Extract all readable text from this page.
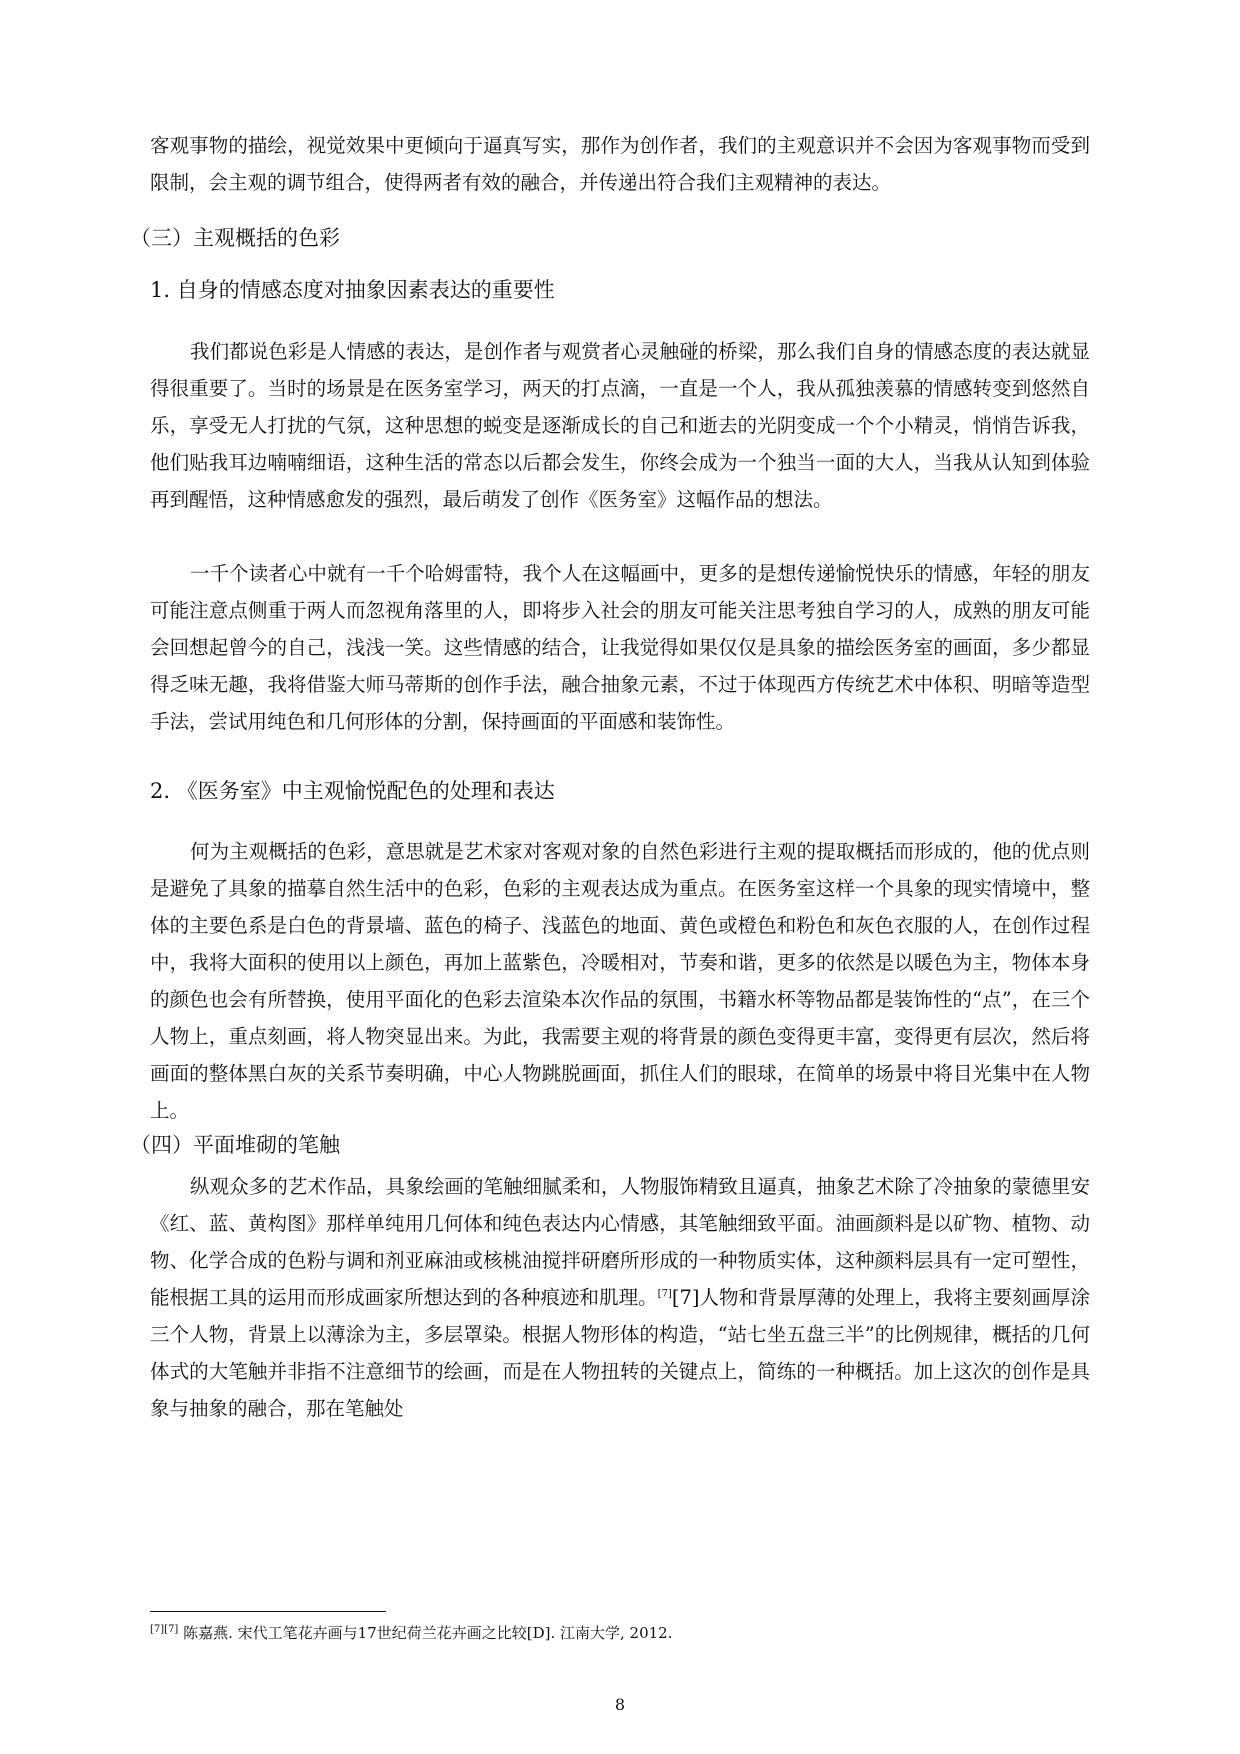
客观事物的描绘，视觉效果中更倾向于逼真写实，那作为创作者，我们的主观意识并不会因为客观事物而受到限制，会主观的调节组合，使得两者有效的融合，并传递出符合我们主观精神的表达。
（三）主观概括的色彩
1. 自身的情感态度对抽象因素表达的重要性
我们都说色彩是人情感的表达，是创作者与观赏者心灵触碰的桥梁，那么我们自身的情感态度的表达就显得很重要了。当时的场景是在医务室学习，两天的打点滴，一直是一个人，我从孤独羡慕的情感转变到悠然自乐，享受无人打扰的气氛，这种思想的蜕变是逐渐成长的自己和逝去的光阴变成一个个小精灵，悄悄告诉我，他们贴我耳边喃喃细语，这种生活的常态以后都会发生，你终会成为一个独当一面的大人，当我从认知到体验再到醒悟，这种情感愈发的强烈，最后萌发了创作《医务室》这幅作品的想法。
一千个读者心中就有一千个哈姆雷特，我个人在这幅画中，更多的是想传递愉悦快乐的情感，年轻的朋友可能注意点侧重于两人而忽视角落里的人，即将步入社会的朋友可能关注思考独自学习的人，成熟的朋友可能会回想起曾今的自己，浅浅一笑。这些情感的结合，让我觉得如果仅仅是具象的描绘医务室的画面，多少都显得乏味无趣，我将借鉴大师马蒂斯的创作手法，融合抽象元素，不过于体现西方传统艺术中体积、明暗等造型手法，尝试用纯色和几何形体的分割，保持画面的平面感和装饰性。
2. 《医务室》中主观愉悦配色的处理和表达
何为主观概括的色彩，意思就是艺术家对客观对象的自然色彩进行主观的提取概括而形成的，他的优点则是避免了具象的描摹自然生活中的色彩，色彩的主观表达成为重点。在医务室这样一个具象的现实情境中，整体的主要色系是白色的背景墙、蓝色的椅子、浅蓝色的地面、黄色或橙色和粉色和灰色衣服的人，在创作过程中，我将大面积的使用以上颜色，再加上蓝紫色，冷暖相对，节奏和谐，更多的依然是以暖色为主，物体本身的颜色也会有所替换，使用平面化的色彩去渲染本次作品的氛围，书籍水杯等物品都是装饰性的“点”，在三个人物上，重点刻画，将人物突显出来。为此，我需要主观的将背景的颜色变得更丰富，变得更有层次，然后将画面的整体黑白灰的关系节奏明确，中心人物跳脱画面，抓住人们的眼球，在简单的场景中将目光集中在人物上。
（四）平面堆砌的笔触
纵观众多的艺术作品，具象绘画的笔触细腻柔和，人物服饰精致且逼真，抽象艺术除了冷抽象的蒙德里安《红、蓝、黄构图》那样单纯用几何体和纯色表达内心情感，其笔触细致平面。油画颜料是以矿物、植物、动物、化学合成的色粉与调和剂亚麻油或核桃油搅拌研磨所形成的一种物质实体，这种颜料层具有一定可塑性，能根据工具的运用而形成画家所想达到的各种痕迹和肌理。[7][7]人物和背景厚薄的处理上，我将主要刻画厚涂三个人物，背景上以薄涂为主，多层罩染。根据人物形体的构造，“站七坐五盘三半”的比例规律，概括的几何体式的大笔触并非指不注意细节的绘画，而是在人物扭转的关键点上，简练的一种概括。加上这次的创作是具象与抽象的融合，那在笔触处
[7][7] 陈嘉燕. 宋代工笔花卉画与17世纪荷兰花卉画之比较[D]. 江南大学, 2012.
8
